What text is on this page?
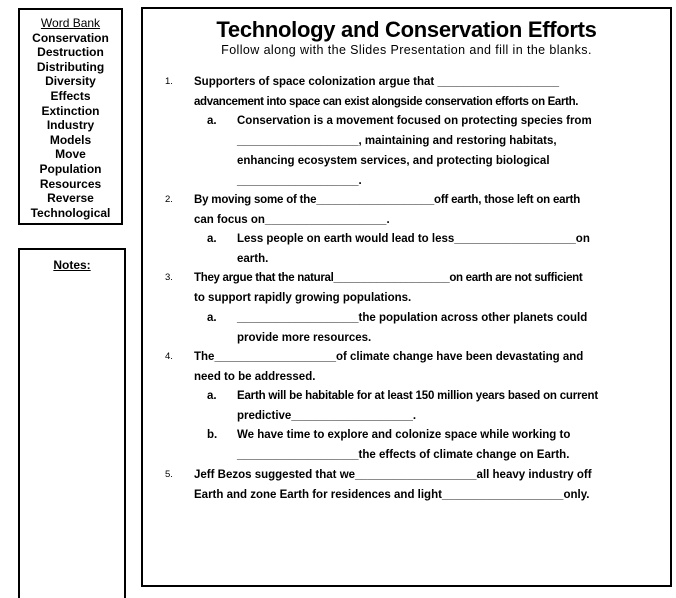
Word Bank
Conservation
Destruction
Distributing
Diversity
Effects
Extinction
Industry
Models
Move
Population
Resources
Reverse
Technological
Notes:
Technology and Conservation Efforts
Follow along with the Slides Presentation and fill in the blanks.
1. Supporters of space colonization argue that ___________________
advancement into space can exist alongside conservation efforts on Earth.
a. Conservation is a movement focused on protecting species from
___________________, maintaining and restoring habitats,
enhancing ecosystem services, and protecting biological
___________________.
2. By moving some of the___________________off earth, those left on earth
can focus on___________________.
a. Less people on earth would lead to less___________________on
earth.
3. They argue that the natural___________________on earth are not sufficient
to support rapidly growing populations.
a. ___________________the population across other planets could
provide more resources.
4. The___________________of climate change have been devastating and
need to be addressed.
a. Earth will be habitable for at least 150 million years based on current
predictive___________________.
b. We have time to explore and colonize space while working to
___________________the effects of climate change on Earth.
5. Jeff Bezos suggested that we___________________all heavy industry off
Earth and zone Earth for residences and light___________________only.
